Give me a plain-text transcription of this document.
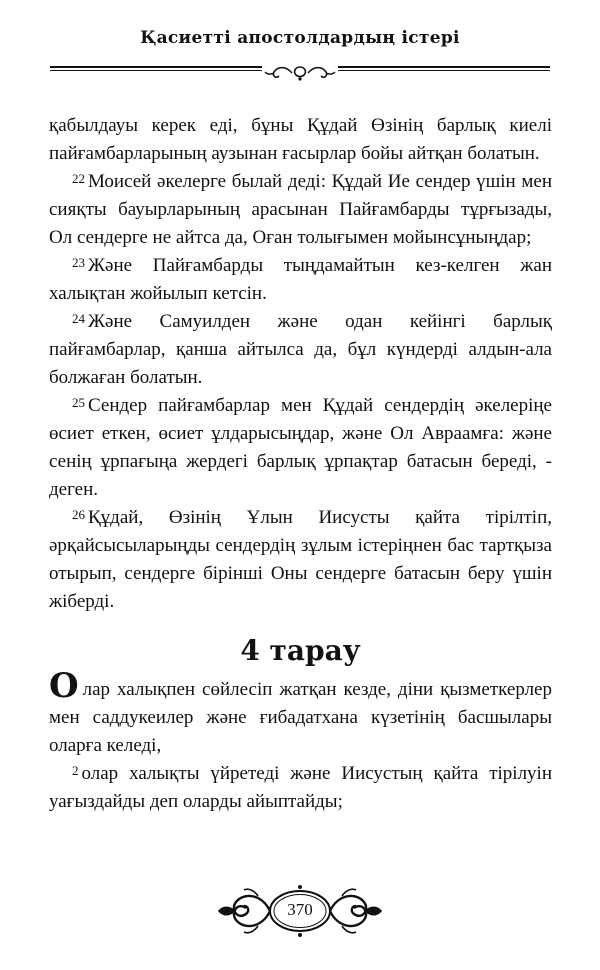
Қасиетті апостолдардың істері

қабылдауы керек еді, бұны Құдай Өзінің барлық киелі пайғамбарларының аузынан ғасырлар бойы айтқан болатын.

$^{22}$ Моисей әкелерге былай деді: Құдай Ие сендер үшін мен сияқты бауырларының арасынан Пайғамбарды тұрғызады, Ол сендерге не айтса да, Оған толығымен мойынсұныңдар;

$^{23}$ Және Пайғамбарды тыңдамайтын кез-келген жан халықтан жойылып кетсін.

$^{24}$ Және Самуилден және одан кейінгі барлық пайғамбарлар, қанша айтылса да, бұл күндерді алдын-ала болжаған болатын.

$^{25}$ Сендер пайғамбарлар мен Құдай сендердің әкелеріңе өсиет еткен, өсиет ұлдарысыңдар, және Ол Авраамға: және сенің ұрпағыңа жердегі барлық ұрпақтар батасын береді, - деген.

$^{26}$ Құдай, Өзінің Ұлын Иисусты қайта тірілтіп, әрқайсысыларыңды сендердің зұлым істеріңнен бас тартқыза отырып, сендерге бірінші Оны сендерге батасын беру үшін жіберді.

4 тарау

Олар халықпен сөйлесіп жатқан кезде, діни қызметкерлер мен саддукеилер және ғибадатхана күзетінің басшылары оларға келеді,

$^2$ олар халықты үйретеді және Иисустың қайта тірілуін уағыздайды деп оларды айыптайды;

370
